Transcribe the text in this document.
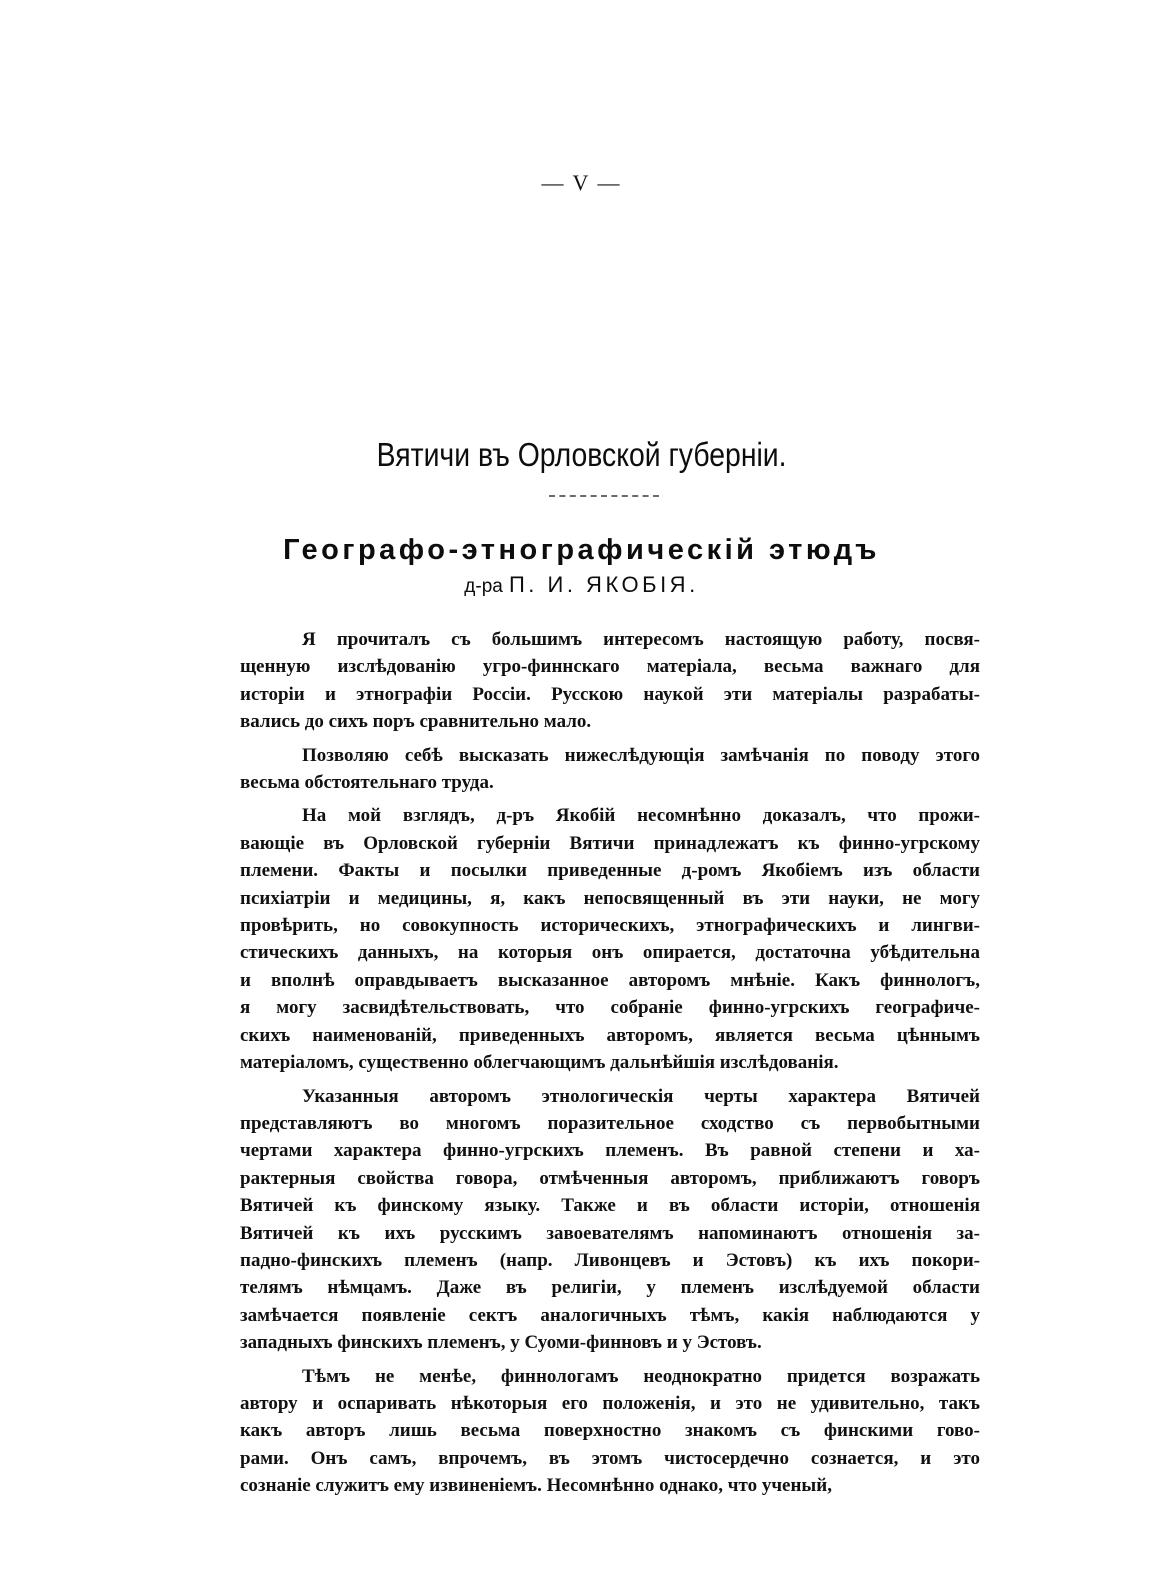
— V —
Вятичи въ Орловской губерніи.
Географо-этнографическій этюдъ
д-ра П. И. ЯКОБІЯ.

Я прочиталъ съ большимъ интересомъ настоящую работу, посвя-
щенную изслѣдованію угро-финнскаго матеріала, весьма важнаго для
исторіи и этнографіи Россіи. Русскою наукой эти матеріалы разрабаты-
вались до сихъ поръ сравнительно мало.

Позволяю себѣ высказать нижеслѣдующія замѣчанія по поводу этого
весьма обстоятельнаго труда.

На мой взглядъ, д-ръ Якобій несомнѣнно доказалъ, что прожи-
вающіе въ Орловской губерніи Вятичи принадлежатъ къ финно-угрскому
племени. Факты и посылки приведенные д-ромъ Якобіемъ изъ области
психіатріи и медицины, я, какъ непосвященный въ эти науки, не могу
провѣрить, но совокупность историческихъ, этнографическихъ и лингви-
стическихъ данныхъ, на которыя онъ опирается, достаточна убѣдительна
и вполнѣ оправдываетъ высказанное авторомъ мнѣніе. Какъ финнологъ,
я могу засвидѣтельствовать, что собраніе финно-угрскихъ географиче-
скихъ наименованій, приведенныхъ авторомъ, является весьма цѣннымъ
матеріаломъ, существенно облегчающимъ дальнѣйшія изслѣдованія.

Указанныя авторомъ этнологическія черты характера Вятичей
представляютъ во многомъ поразительное сходство съ первобытными
чертами характера финно-угрскихъ племенъ. Въ равной степени и ха-
рактерныя свойства говора, отмѣченныя авторомъ, приближаютъ говоръ
Вятичей къ финскому языку. Также и въ области исторіи, отношенія
Вятичей къ ихъ русскимъ завоевателямъ напоминаютъ отношенія за-
падно-финскихъ племенъ (напр. Ливонцевъ и Эстовъ) къ ихъ покори-
телямъ нѣмцамъ. Даже въ религіи, у племенъ изслѣдуемой области
замѣчается появленіе сектъ аналогичныхъ тѣмъ, какія наблюдаются у
западныхъ финскихъ племенъ, у Суоми-финновъ и у Эстовъ.

Тѣмъ не менѣе, финнологамъ неоднократно придется возражать
автору и оспаривать нѣкоторыя его положенія, и это не удивительно, такъ
какъ авторъ лишь весьма поверхностно знакомъ съ финскими гово-
рами. Онъ самъ, впрочемъ, въ этомъ чистосердечно сознается, и это
сознаніе служитъ ему извиненіемъ. Несомнѣнно однако, что ученый,
